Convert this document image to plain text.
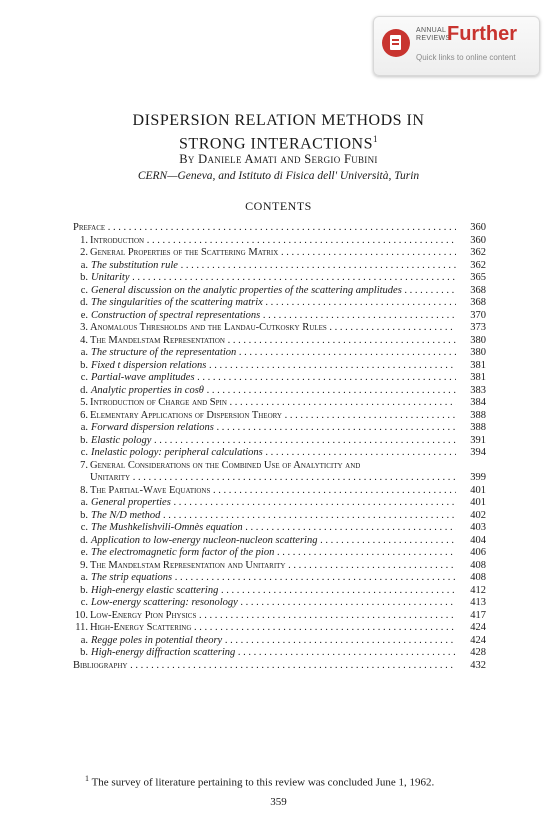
ANNUAL REVIEWS
Further
Quick links to online content
DISPERSION RELATION METHODS IN
STRONG INTERACTIONS$^1$
By Daniele Amati and Sergio Fubini
CERN—Geneva, and Istituto di Fisica dell' Università, Turin
CONTENTS
Preface . . .	360
1. Introduction . . .	360
2. General Properties of the Scattering Matrix . . .	362
a. The substitution rule . . .	362
b. Unitarity . . .	365
c. General discussion on the analytic properties of the scattering amplitudes . . .	368
d. The singularities of the scattering matrix . . .	368
e. Construction of spectral representations . . .	370
3. Anomalous Thresholds and the Landau-Cutkosky Rules . . .	373
4. The Mandelstam Representation . . .	380
a. The structure of the representation . . .	380
b. Fixed t dispersion relations . . .	381
c. Partial-wave amplitudes . . .	381
d. Analytic properties in cosθ . . .	383
5. Introduction of Charge and Spin . . .	384
6. Elementary Applications of Dispersion Theory . . .	388
a. Forward dispersion relations . . .	388
b. Elastic pology . . .	391
c. Inelastic pology: peripheral calculations . . .	394
7. General Considerations on the Combined Use of Analyticity and
Unitarity . . .	399
8. The Partial-Wave Equations . . .	401
a. General properties . . .	401
b. The N/D method . . .	402
c. The Mushkelishvili-Omnès equation . . .	403
d. Application to low-energy nucleon-nucleon scattering . . .	404
e. The electromagnetic form factor of the pion . . .	406
9. The Mandelstam Representation and Unitarity . . .	408
a. The strip equations . . .	408
b. High-energy elastic scattering . . .	412
c. Low-energy scattering: resonology . . .	413
10. Low-Energy Pion Physics . . .	417
11. High-Energy Scattering . . .	424
a. Regge poles in potential theory . . .	424
b. High-energy diffraction scattering . . .	428
Bibliography . . .	432
$^1$ The survey of literature pertaining to this review was concluded June 1, 1962.
359
